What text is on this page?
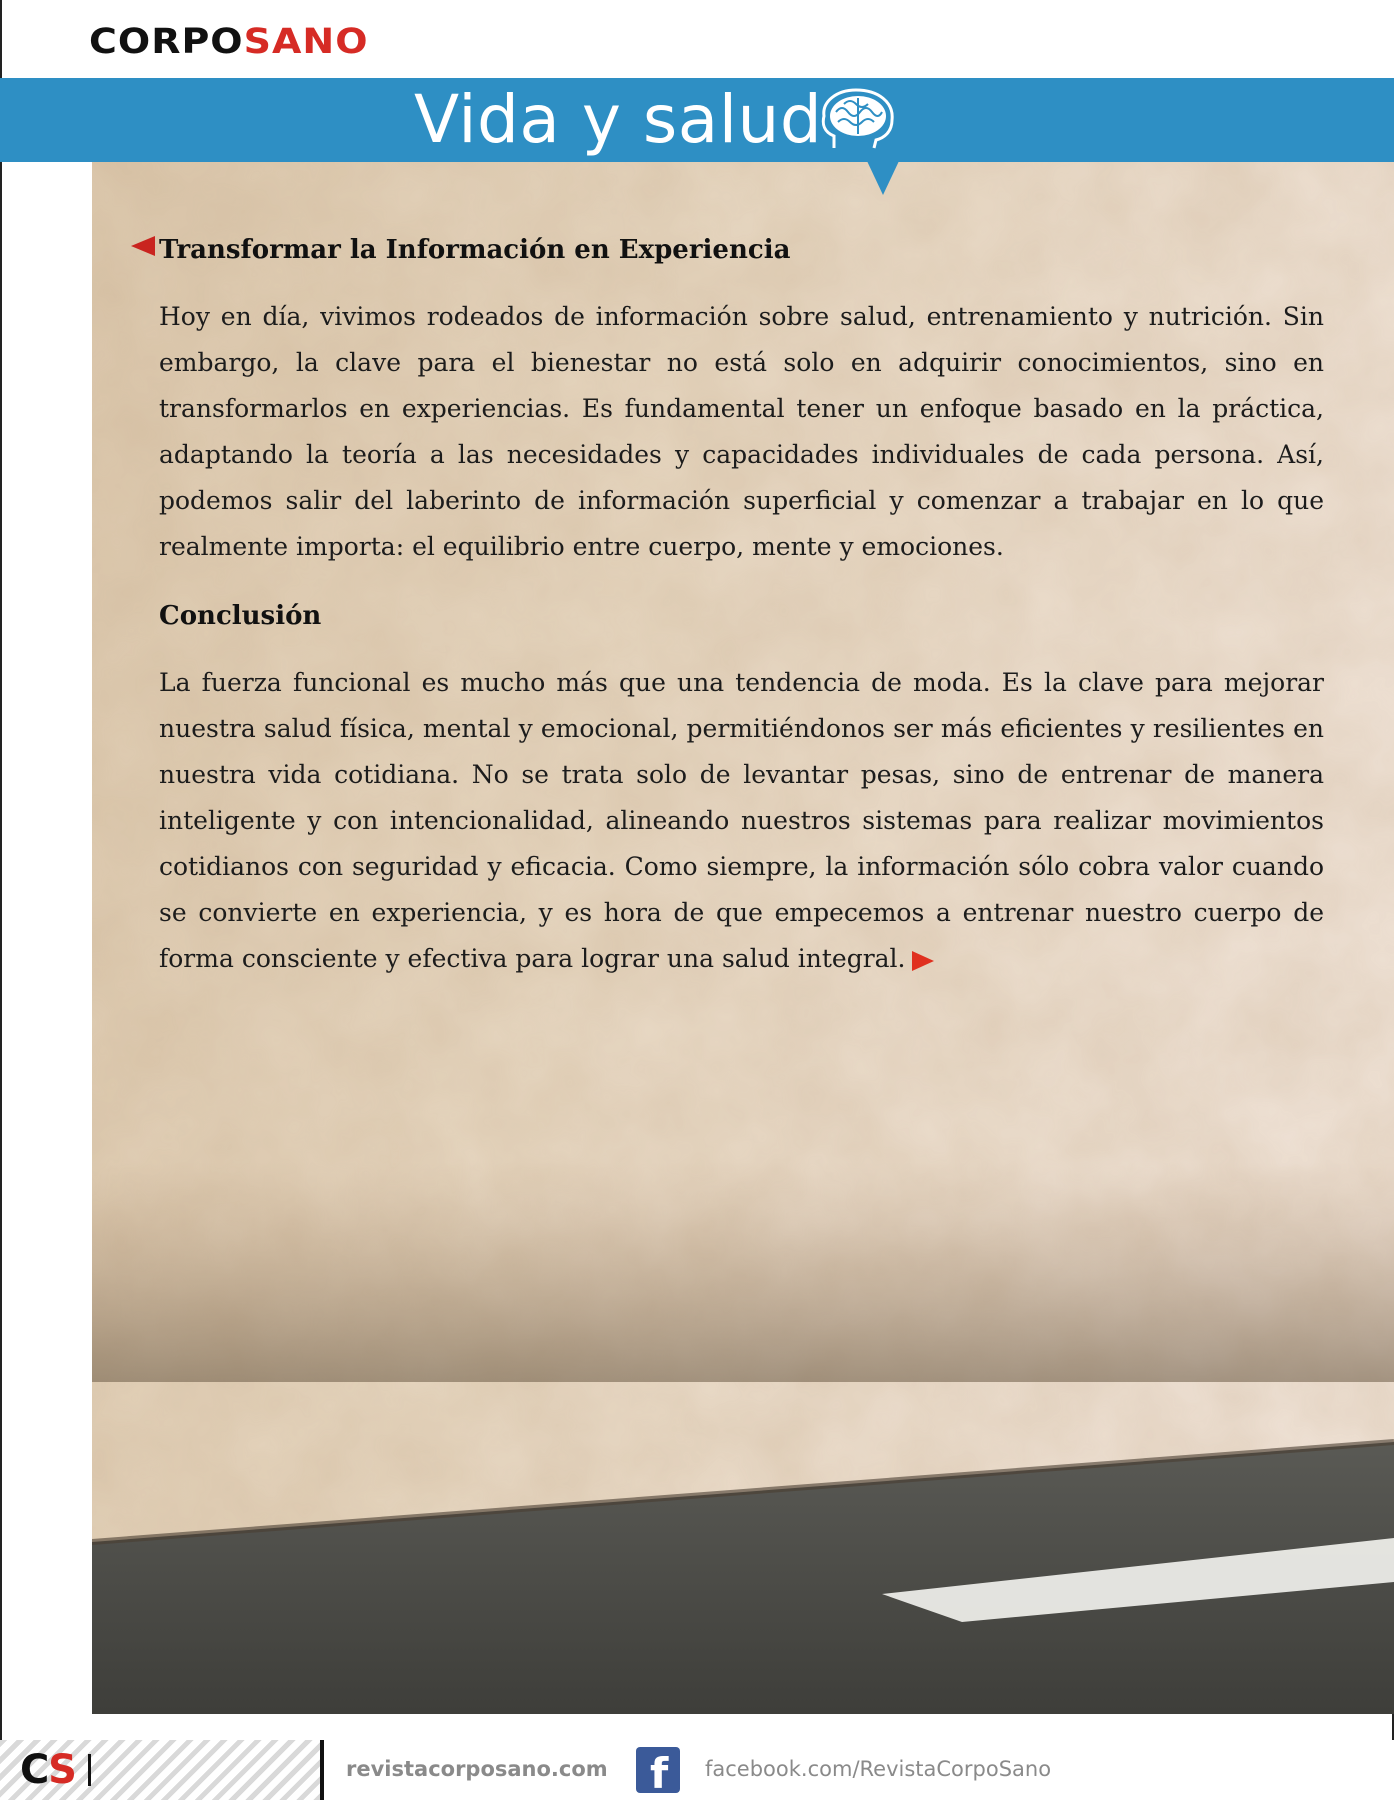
CORPOSANO
Vida y salud
Transformar la Información en Experiencia

Hoy en día, vivimos rodeados de información sobre salud, entrenamiento y nutrición. Sin embargo, la clave para el bienestar no está solo en adquirir conocimientos, sino en transformarlos en experiencias. Es fundamental tener un enfoque basado en la práctica, adaptando la teoría a las necesidades y capacidades individuales de cada persona. Así, podemos salir del laberinto de información superficial y comenzar a trabajar en lo que realmente importa: el equilibrio entre cuerpo, mente y emociones.

Conclusión

La fuerza funcional es mucho más que una tendencia de moda. Es la clave para mejorar nuestra salud física, mental y emocional, permitiéndonos ser más eficientes y resilientes en nuestra vida cotidiana. No se trata solo de levantar pesas, sino de entrenar de manera inteligente y con intencionalidad, alineando nuestros sistemas para realizar movimientos cotidianos con seguridad y eficacia. Como siempre, la información sólo cobra valor cuando se convierte en experiencia, y es hora de que empecemos a entrenar nuestro cuerpo de forma consciente y efectiva para lograr una salud integral.

CS	revistacorposano.com f facebook.com/RevistaCorpoSano
